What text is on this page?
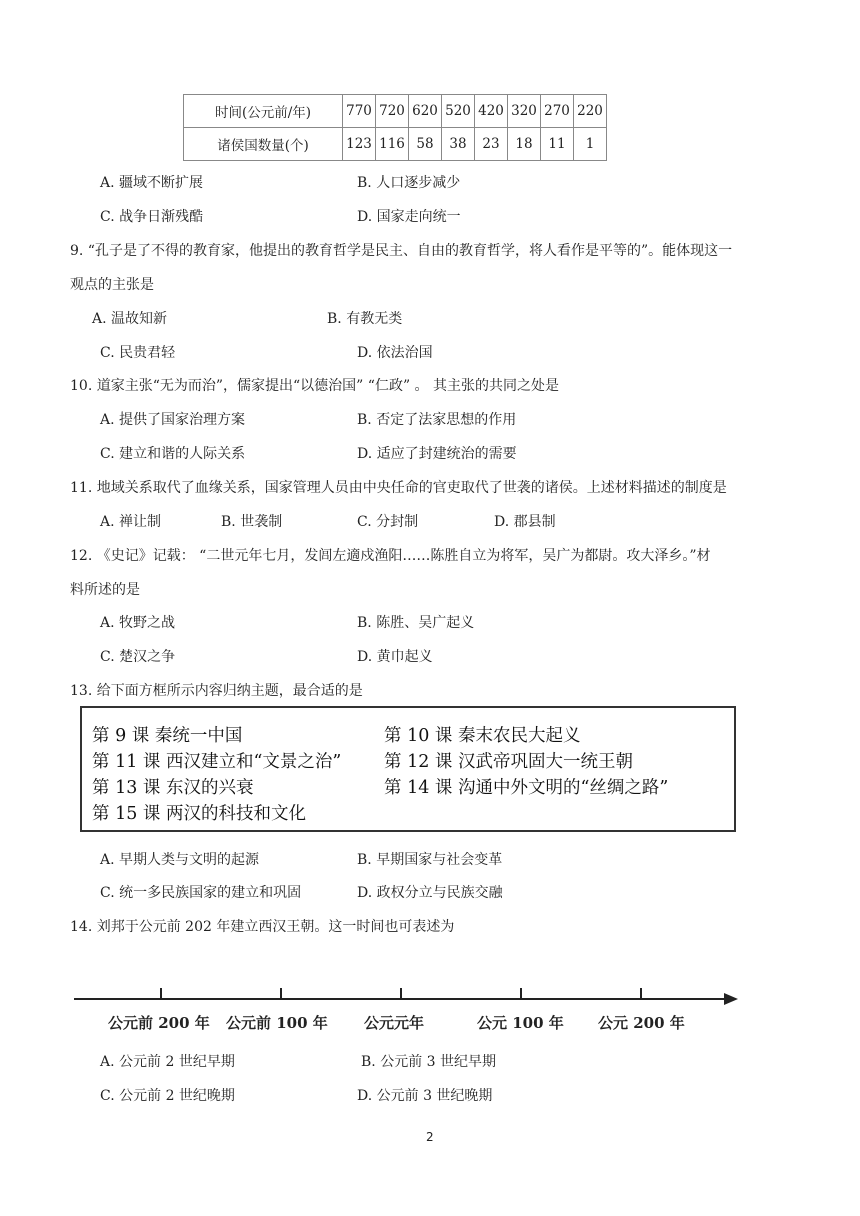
时间(公元前/年)	770	720	620	520	420	320	270	220
诸侯国数量(个)	123	116	58	38	23	18	11	1
A. 疆域不断扩展	B. 人口逐步减少
C. 战争日渐残酷	D. 国家走向统一
9. “孔子是了不得的教育家，他提出的教育哲学是民主、自由的教育哲学，将人看作是平等的”。能体现这一
观点的主张是
A. 温故知新	B. 有教无类
C. 民贵君轻	D. 依法治国
10. 道家主张“无为而治”，儒家提出“以德治国” “仁政” 。 其主张的共同之处是
A. 提供了国家治理方案	B. 否定了法家思想的作用
C. 建立和谐的人际关系	D. 适应了封建统治的需要
11. 地域关系取代了血缘关系，国家管理人员由中央任命的官吏取代了世袭的诸侯。上述材料描述的制度是
A. 禅让制	B. 世袭制	C. 分封制	D. 郡县制
12. 《史记》记载： “二世元年七月，发闾左適戍渔阳……陈胜自立为将军，吴广为都尉。攻大泽乡。”材
料所述的是
A. 牧野之战	B. 陈胜、吴广起义
C. 楚汉之争	D. 黄巾起义
13. 给下面方框所示内容归纳主题，最合适的是
第 9 课 秦统一中国	第 10 课 秦末农民大起义
第 11 课 西汉建立和“文景之治” 第 12 课 汉武帝巩固大一统王朝
第 13 课 东汉的兴衰	第 14 课 沟通中外文明的“丝绸之路”
第 15 课 两汉的科技和文化
A. 早期人类与文明的起源	B. 早期国家与社会变革
C. 统一多民族国家的建立和巩固	D. 政权分立与民族交融
14. 刘邦于公元前 202 年建立西汉王朝。这一时间也可表述为
公元前 200 年 公元前 100 年 公元元年	公元 100 年 公元 200 年
A. 公元前 2 世纪早期	B. 公元前 3 世纪早期
C. 公元前 2 世纪晚期	D. 公元前 3 世纪晚期
2
